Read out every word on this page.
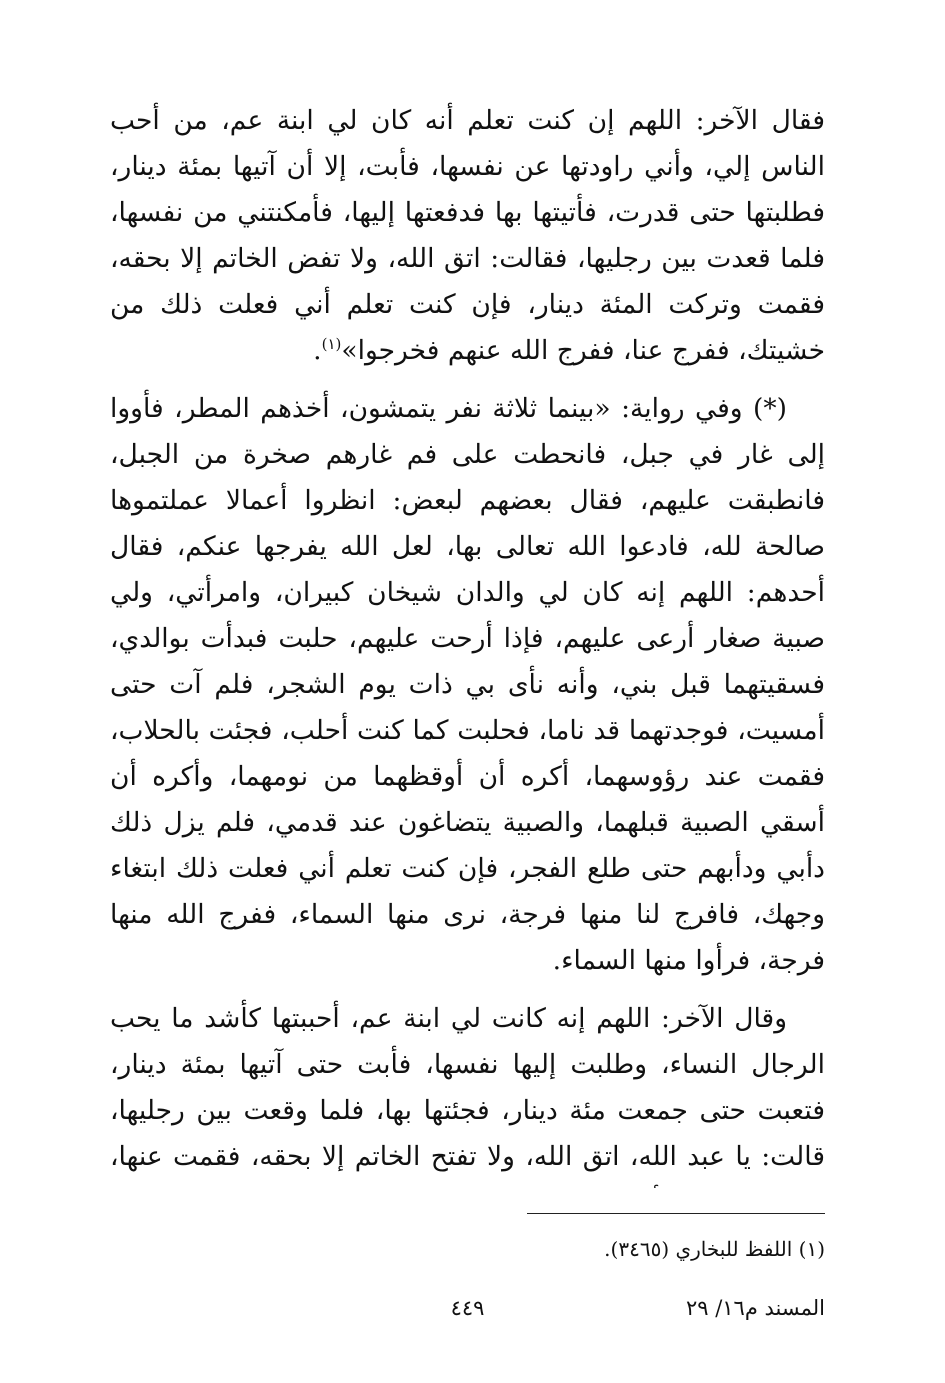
فقال الآخر: اللهم إن كنت تعلم أنه كان لي ابنة عم، من أحب الناس إلي، وأني راودتها عن نفسها، فأبت، إلا أن آتيها بمئة دينار، فطلبتها حتى قدرت، فأتيتها بها فدفعتها إليها، فأمكنتني من نفسها، فلما قعدت بين رجليها، فقالت: اتق الله، ولا تفض الخاتم إلا بحقه، فقمت وتركت المئة دينار، فإن كنت تعلم أني فعلت ذلك من خشيتك، ففرج عنا، ففرج الله عنهم فخرجوا»$^{(١)}$.

(*) وفي رواية: «بينما ثلاثة نفر يتمشون، أخذهم المطر، فأووا إلى غار في جبل، فانحطت على فم غارهم صخرة من الجبل، فانطبقت عليهم، فقال بعضهم لبعض: انظروا أعمالا عملتموها صالحة لله، فادعوا الله تعالى بها، لعل الله يفرجها عنكم، فقال أحدهم: اللهم إنه كان لي والدان شيخان كبيران، وامرأتي، ولي صبية صغار أرعى عليهم، فإذا أرحت عليهم، حلبت فبدأت بوالدي، فسقيتهما قبل بني، وأنه نأى بي ذات يوم الشجر، فلم آت حتى أمسيت، فوجدتهما قد ناما، فحلبت كما كنت أحلب، فجئت بالحلاب، فقمت عند رؤوسهما، أكره أن أوقظهما من نومهما، وأكره أن أسقي الصبية قبلهما، والصبية يتضاغون عند قدمي، فلم يزل ذلك دأبي ودأبهم حتى طلع الفجر، فإن كنت تعلم أني فعلت ذلك ابتغاء وجهك، فافرج لنا منها فرجة، نرى منها السماء، ففرج الله منها فرجة، فرأوا منها السماء.

وقال الآخر: اللهم إنه كانت لي ابنة عم، أحببتها كأشد ما يحب الرجال النساء، وطلبت إليها نفسها، فأبت حتى آتيها بمئة دينار، فتعبت حتى جمعت مئة دينار، فجئتها بها، فلما وقعت بين رجليها، قالت: يا عبد الله، اتق الله، ولا تفتح الخاتم إلا بحقه، فقمت عنها،

(١) اللفظ للبخاري (٣٤٦٥).
المسند م١٦/ ٢٩
٤٤٩
